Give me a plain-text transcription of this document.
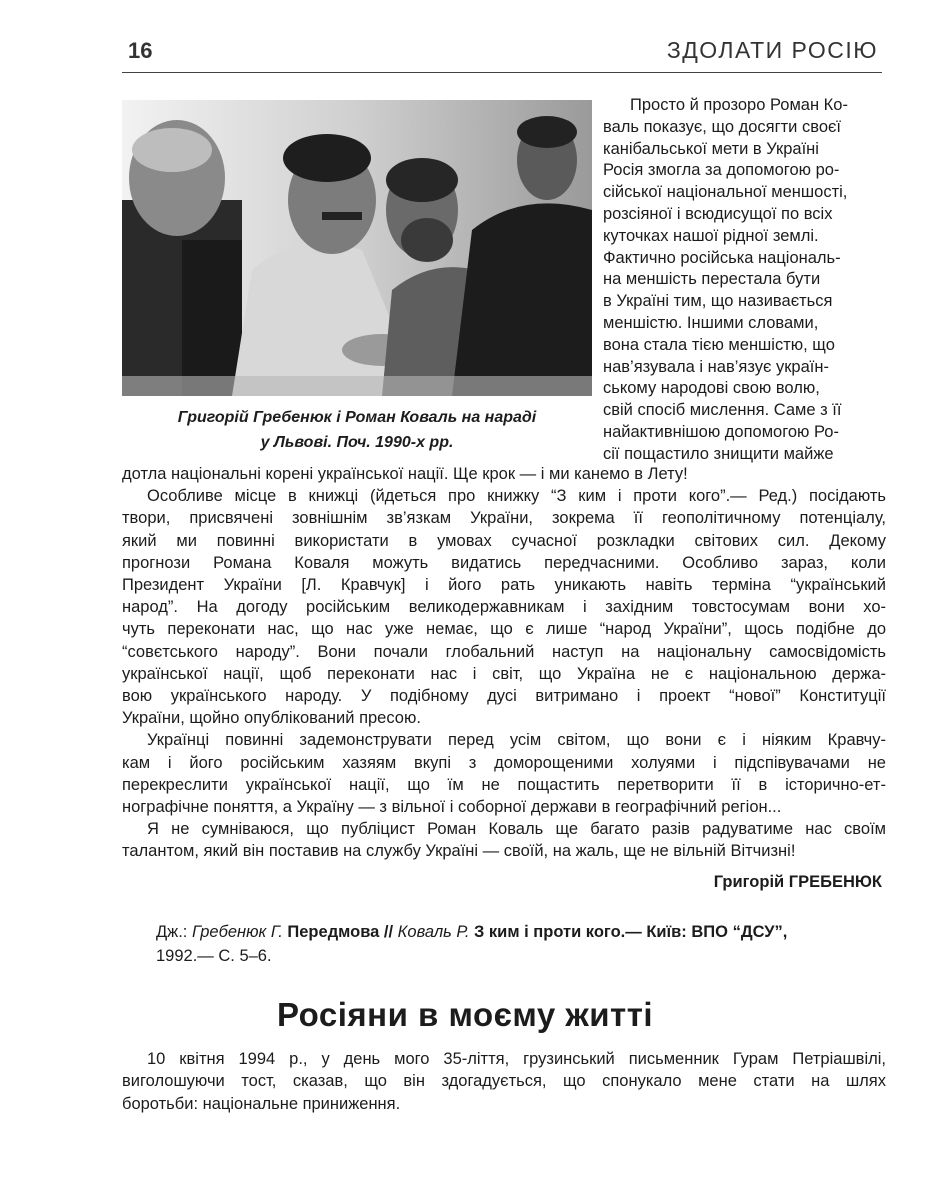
16	ЗДОЛАТИ РОСІЮ
Григорій Гребенюк і Роман Коваль на нараді
у Львові. Поч. 1990-х рр.
Просто й прозоро Роман Ко-
валь показує, що досягти своєї
канібальської мети в Україні
Росія змогла за допомогою ро-
сійської національної меншості,
розсіяної і всюдисущої по всіх
куточках нашої рідної землі.
Фактично російська національ-
на меншість перестала бути
в Україні тим, що називається
меншістю. Іншими словами,
вона стала тією меншістю, що
нав’язувала і нав’язує україн-
ському народові свою волю,
свій спосіб мислення. Саме з її
найактивнішою допомогою Ро-
сії пощастило знищити майже
дотла національні корені української нації. Ще крок — і ми канемо в Лету!
Особливе місце в книжці (йдеться про книжку “З ким і проти кого”.— Ред.) посідають
твори, присвячені зовнішнім зв’язкам України, зокрема її геополітичному потенціалу,
який ми повинні використати в умовах сучасної розкладки світових сил. Декому
прогнози Романа Коваля можуть видатись передчасними. Особливо зараз, коли
Президент України [Л. Кравчук] і його рать уникають навіть терміна “український
народ”. На догоду російським великодержавникам і західним товстосумам вони хо-
чуть переконати нас, що нас уже немає, що є лише “народ України”, щось подібне до
“совєтського народу”. Вони почали глобальний наступ на національну самосвідомість
української нації, щоб переконати нас і світ, що Україна не є національною держа-
вою українського народу. У подібному дусі витримано і проект “нової” Конституції
України, щойно опублікований пресою.
Українці повинні задемонструвати перед усім світом, що вони є і ніяким Кравчу-
кам і його російським хазяям вкупі з доморощеними холуями і підспівувачами не
перекреслити української нації, що їм не пощастить перетворити її в історично-ет-
нографічне поняття, а Україну — з вільної і соборної держави в географічний регіон...
Я не сумніваюся, що публіцист Роман Коваль ще багато разів радуватиме нас своїм
талантом, який він поставив на службу Україні — своїй, на жаль, ще не вільній Вітчизні!
Григорій ГРЕБЕНЮК
Дж.: Гребенюк Г. Передмова // Коваль Р. З ким і проти кого.— Київ: ВПО “ДСУ”,
1992.— С. 5–6.
Росіяни в моєму житті
10 квітня 1994 р., у день мого 35-ліття, грузинський письменник Гурам Петріашвілі,
виголошуючи тост, сказав, що він здогадується, що спонукало мене стати на шлях
боротьби: національне приниження.
